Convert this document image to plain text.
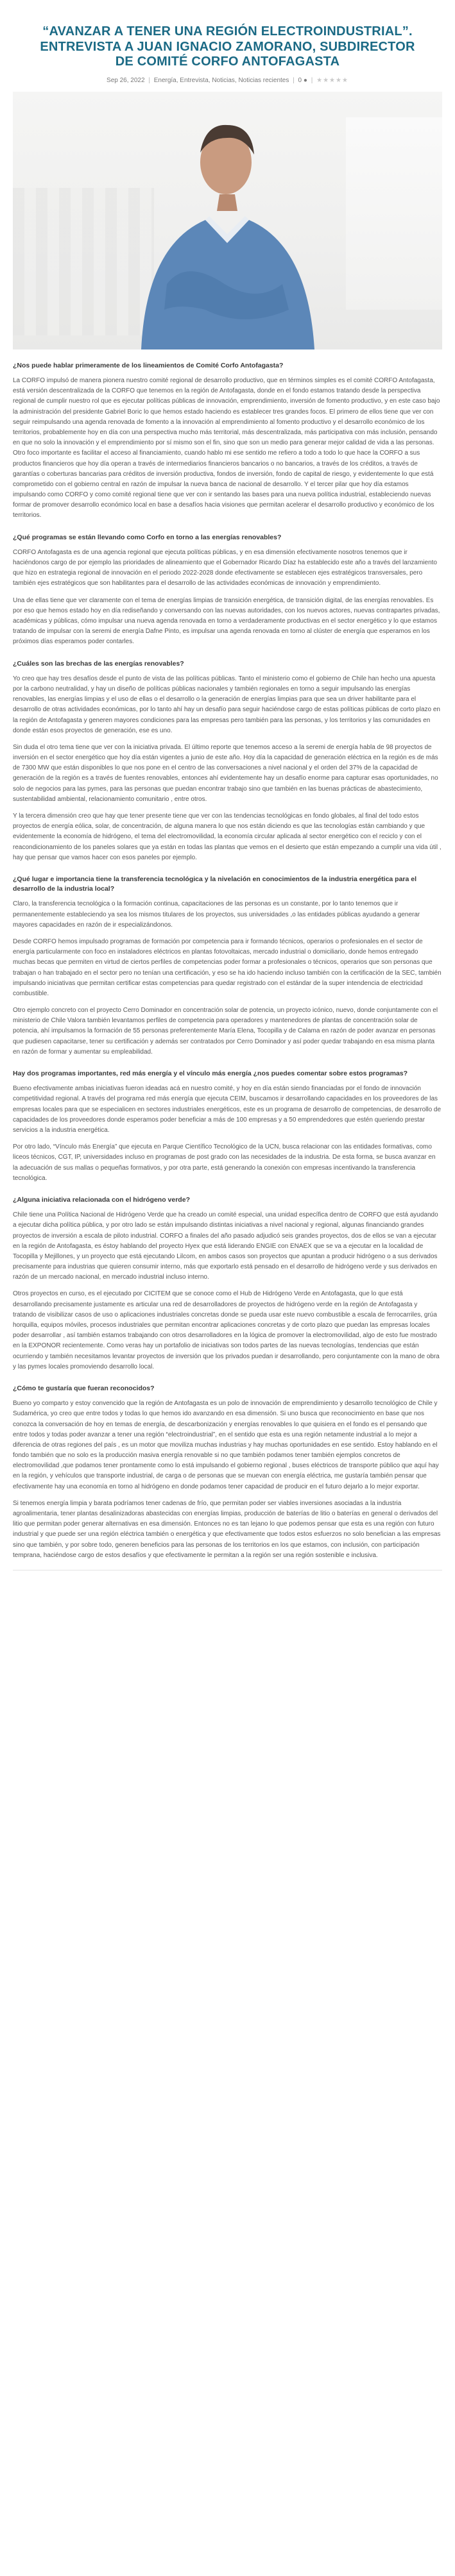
“AVANZAR A TENER UNA REGIÓN ELECTROINDUSTRIAL”. ENTREVISTA A JUAN IGNACIO ZAMORANO, SUBDIRECTOR DE COMITÉ CORFO ANTOFAGASTA
Sep 26, 2022 | Energía, Entrevista, Noticias, Noticias recientes | 0 ● | ★★★★★
¿Nos puede hablar primeramente de los lineamientos de Comité Corfo Antofagasta?

La CORFO impulsó de manera pionera nuestro comité regional de desarrollo productivo, que en términos simples es el comité CORFO Antofagasta, está versión descentralizada de la CORFO que tenemos en la región de Antofagasta, donde en el fondo estamos tratando desde la perspectiva regional de cumplir nuestro rol que es ejecutar políticas públicas de innovación, emprendimiento, inversión de fomento productivo, y en este caso bajo la administración del presidente Gabriel Boric lo que hemos estado haciendo es establecer tres grandes focos. El primero de ellos tiene que ver con seguir reimpulsando una agenda renovada de fomento a la innovación al emprendimiento al fomento productivo y el desarrollo económico de los territorios, probablemente hoy en día con una perspectiva mucho más territorial, más descentralizada, más participativa con más inclusión, pensando en que no solo la innovación y el emprendimiento por sí mismo son el fin, sino que son un medio para generar mejor calidad de vida a las personas. Otro foco importante es facilitar el acceso al financiamiento, cuando hablo mi ese sentido me refiero a todo a todo lo que hace la CORFO a sus productos financieros que hoy día operan a través de intermediarios financieros bancarios o no bancarios, a través de los créditos, a través de garantías o coberturas bancarias para créditos de inversión productiva, fondos de inversión, fondo de capital de riesgo, y evidentemente lo que está comprometido con el gobierno central en razón de impulsar la nueva banca de nacional de desarrollo. Y el tercer pilar que hoy día estamos impulsando como CORFO y como comité regional tiene que ver con ir sentando las bases para una nueva política industrial, estableciendo nuevas formar de promover desarrollo económico local en base a desafíos hacia visiones que permitan acelerar el desarrollo productivo y económico de los territorios.

¿Qué programas se están llevando como Corfo en torno a las energías renovables?

CORFO Antofagasta es de una agencia regional que ejecuta políticas públicas, y en esa dimensión efectivamente nosotros tenemos que ir haciéndonos cargo de por ejemplo las prioridades de alineamiento que el Gobernador Ricardo Díaz ha establecido este año a través del lanzamiento que hizo en estrategia regional de innovación en el periodo 2022-2028 donde efectivamente se establecen ejes estratégicos transversales, pero también ejes estratégicos que son habilitantes para el desarrollo de las actividades económicas de innovación y emprendimiento.

Una de ellas tiene que ver claramente con el tema de energías limpias de transición energética, de transición digital, de las energías renovables. Es por eso que hemos estado hoy en día rediseñando y conversando con las nuevas autoridades, con los nuevos actores, nuevas contrapartes privadas, académicas y públicas, cómo impulsar una nueva agenda renovada en torno a verdaderamente productivas en el sector energético y lo que estamos tratando de impulsar con la seremi de energía Dafne Pinto, es impulsar una agenda renovada en torno al clúster de energía que esperamos en los próximos días esperamos poder contarles.

¿Cuáles son las brechas de las energías renovables?

Yo creo que hay tres desafíos desde el punto de vista de las políticas públicas. Tanto el ministerio como el gobierno de Chile han hecho una apuesta por la carbono neutralidad, y hay un diseño de políticas públicas nacionales y también regionales en torno a seguir impulsando las energías renovables, las energías limpias y el uso de ellas o el desarrollo o la generación de energías limpias para que sea un driver habilitante para el desarrollo de otras actividades económicas, por lo tanto ahí hay un desafío para seguir haciéndose cargo de estas políticas públicas de corto plazo en la región de Antofagasta y generen mayores condiciones para las empresas pero también para las personas, y los territorios y las comunidades en donde están esos proyectos de generación, ese es uno.

Sin duda el otro tema tiene que ver con la iniciativa privada. El último reporte que tenemos acceso a la seremi de energía habla de 98 proyectos de inversión en el sector energético que hoy día están vigentes a junio de este año. Hoy día la capacidad de generación eléctrica en la región es de más de 7300 MW que están disponibles lo que nos pone en el centro de las conversaciones a nivel nacional y el orden del 37% de la capacidad de generación de la región es a través de fuentes renovables, entonces ahí evidentemente hay un desafío enorme para capturar esas oportunidades, no solo de negocios para las pymes, para las personas que puedan encontrar trabajo sino que también en las buenas prácticas de abastecimiento, sustentabilidad ambiental, relacionamiento comunitario , entre otros.

Y la tercera dimensión creo que hay que tener presente tiene que ver con las tendencias tecnológicas en fondo globales, al final del todo estos proyectos de energía eólica, solar, de concentración, de alguna manera lo que nos están diciendo es que las tecnologías están cambiando y que evidentemente la economía de hidrógeno, el tema del electromovilidad, la economía circular aplicada al sector energético con el reciclo y con el reacondicionamiento de los paneles solares que ya están en todas las plantas que vemos en el desierto que están empezando a cumplir una vida útil , hay que pensar que vamos hacer con esos paneles por ejemplo.

¿Qué lugar e importancia tiene la transferencia tecnológica y la nivelación en conocimientos de la industria energética para el desarrollo de la industria local?

Claro, la transferencia tecnológica o la formación continua, capacitaciones de las personas es un constante, por lo tanto tenemos que ir permanentemente estableciendo ya sea los mismos titulares de los proyectos, sus universidades ,o las entidades públicas ayudando a generar mayores capacidades en razón de ir especializándonos.

Desde CORFO hemos impulsado programas de formación por competencia para ir formando técnicos, operarios o profesionales en el sector de energía particularmente con foco en instaladores eléctricos en plantas fotovoltaicas, mercado industrial o domiciliario, donde hemos entregado muchas becas que permiten en virtud de ciertos perfiles de competencias poder formar a profesionales o técnicos, operarios que son personas que trabajan o han trabajado en el sector pero no tenían una certificación, y eso se ha ido haciendo incluso también con la certificación de la SEC, también impulsando iniciativas que permitan certificar estas competencias para quedar registrado con el estándar de la super intendencia de electricidad combustible.

Otro ejemplo concreto con el proyecto Cerro Dominador en concentración solar de potencia, un proyecto icónico, nuevo, donde conjuntamente con el ministerio de Chile Valora también levantamos perfiles de competencia para operadores y mantenedores de plantas de concentración solar de potencia, ahí impulsamos la formación de 55 personas preferentemente María Elena, Tocopilla y de Calama en razón de poder avanzar en personas que pudiesen capacitarse, tener su certificación y además ser contratados por Cerro Dominador y así poder quedar trabajando en esa misma planta en razón de formar y aumentar su empleabilidad.

Hay dos programas importantes, red más energía y el vínculo más energía ¿nos puedes comentar sobre estos programas?

Bueno efectivamente ambas iniciativas fueron ideadas acá en nuestro comité, y hoy en día están siendo financiadas por el fondo de innovación competitividad regional. A través del programa red más energía que ejecuta CEIM, buscamos ir desarrollando capacidades en los proveedores de las empresas locales para que se especialicen en sectores industriales energéticos, este es un programa de desarrollo de competencias, de desarrollo de capacidades de los proveedores donde esperamos poder beneficiar a más de 100 empresas y a 50 emprendedores que estén queriendo prestar servicios a la industria energética.

Por otro lado, “Vínculo más Energía” que ejecuta en Parque Científico Tecnológico de la UCN, busca relacionar con las entidades formativas, como liceos técnicos, CGT, IP, universidades incluso en programas de post grado con las necesidades de la industria. De esta forma, se busca avanzar en la adecuación de sus mallas o pequeñas formativos, y por otra parte, está generando la conexión con empresas incentivando la transferencia tecnológica.

¿Alguna iniciativa relacionada con el hidrógeno verde?

Chile tiene una Política Nacional de Hidrógeno Verde que ha creado un comité especial, una unidad específica dentro de CORFO que está ayudando a ejecutar dicha política pública, y por otro lado se están impulsando distintas iniciativas a nivel nacional y regional, algunas financiando grandes proyectos de inversión a escala de piloto industrial. CORFO a finales del año pasado adjudicó seis grandes proyectos, dos de ellos se van a ejecutar en la región de Antofagasta, es éstoy hablando del proyecto Hyex que está liderando ENGIE con ENAEX que se va a ejecutar en la localidad de Tocopilla y Mejillones, y un proyecto que está ejecutando Lilcom, en ambos casos son proyectos que apuntan a producir hidrógeno o a sus derivados precisamente para industrias que quieren consumir interno, más que exportarlo está pensado en el desarrollo de hidrógeno verde y sus derivados en razón de un mercado nacional, en mercado industrial incluso interno.

Otros proyectos en curso, es el ejecutado por CICITEM que se conoce como el Hub de Hidrógeno Verde en Antofagasta, que lo que está desarrollando precisamente justamente es articular una red de desarrolladores de proyectos de hidrógeno verde en la región de Antofagasta y tratando de visibilizar casos de uso o aplicaciones industriales concretas donde se pueda usar este nuevo combustible a escala de ferrocarriles, grúa horquilla, equipos móviles, procesos industriales que permitan encontrar aplicaciones concretas y de corto plazo que puedan las empresas locales poder desarrollar , así también estamos trabajando con otros desarrolladores en la lógica de promover la electromovilidad, algo de esto fue mostrado en la EXPONOR recientemente. Como veras hay un portafolio de iniciativas son todos partes de las nuevas tecnologías, tendencias que están ocurriendo y también necesitamos levantar proyectos de inversión que los privados puedan ir desarrollando, pero conjuntamente con la mano de obra y las pymes locales promoviendo desarrollo local.

¿Cómo te gustaría que fueran reconocidos?

Bueno yo comparto y estoy convencido que la región de Antofagasta es un polo de innovación de emprendimiento y desarrollo tecnológico de Chile y Sudamérica, yo creo que entre todos y todas lo que hemos ido avanzando en esa dimensión. Si uno busca que reconocimiento en base que nos conozca la conversación de hoy en temas de energía, de descarbonización y energías renovables lo que quisiera en el fondo es el pensando que entre todos y todas poder avanzar a tener una región “electroindustrial”, en el sentido que esta es una región netamente industrial a lo mejor a diferencia de otras regiones del país , es un motor que moviliza muchas industrias y hay muchas oportunidades en ese sentido. Estoy hablando en el fondo también que no solo es la producción masiva energía renovable si no que también podamos tener también ejemplos concretos de electromovilidad ,que podamos tener prontamente como lo está impulsando el gobierno regional , buses eléctricos de transporte público que aquí hay en la región, y vehículos que transporte industrial, de carga o de personas que se muevan con energía eléctrica, me gustaría también pensar que efectivamente hay una economía en torno al hidrógeno en donde podamos tener capacidad de producir en el futuro dejarlo a lo mejor exportar.

Si tenemos energía limpia y barata podríamos tener cadenas de frío, que permitan poder ser viables inversiones asociadas a la industria agroalimentaria, tener plantas desalinizadoras abastecidas con energías limpias, producción de baterías de litio o baterías en general o derivados del litio que permitan poder generar alternativas en esa dimensión. Entonces no es tan lejano lo que podemos pensar que esta es una región con futuro industrial y que puede ser una región eléctrica también o energética y que efectivamente que todos estos esfuerzos no solo benefician a las empresas sino que también, y por sobre todo, generen beneficios para las personas de los territorios en los que estamos, con inclusión, con participación temprana, haciéndose cargo de estos desafíos y que efectivamente le permitan a la región ser una región sostenible e inclusiva.
